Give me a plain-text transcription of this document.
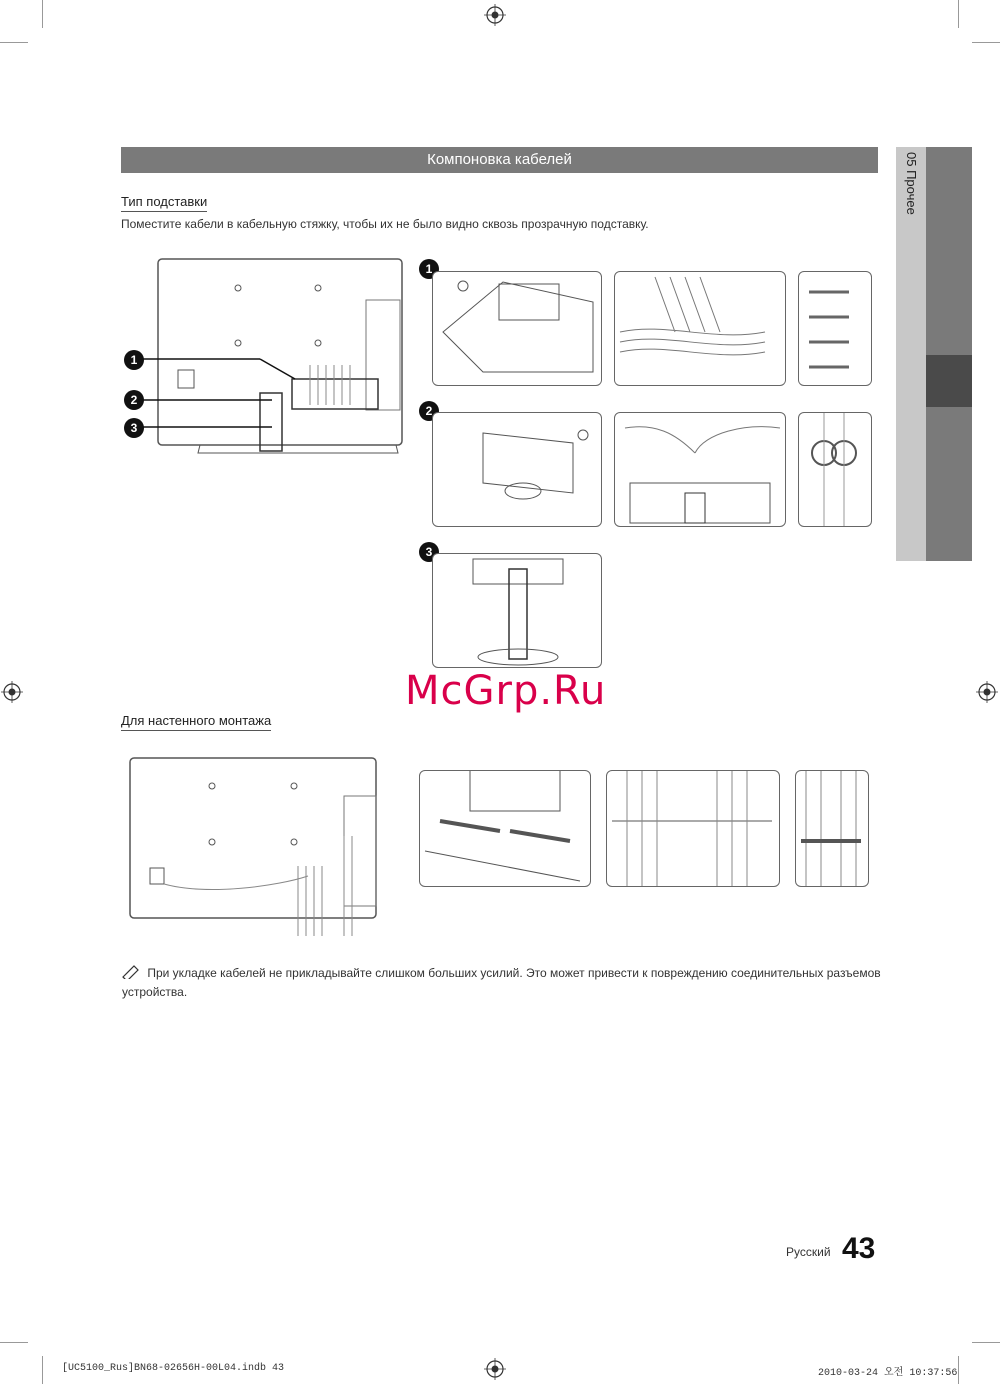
Компоновка кабелей	05 Прочее
Тип подставки
Поместите кабели в кабельную стяжку, чтобы их не было видно сквозь прозрачную подставку.
1
2
3
1
2
3
McGrp.Ru
Для настенного монтажа
При укладке кабелей не прикладывайте слишком больших усилий. Это может привести к повреждению соединительных разъемов устройства.
Русский 43
[UC5100_Rus]BN68-02656H-00L04.indb 43	2010-03-24 오전 10:37:56
